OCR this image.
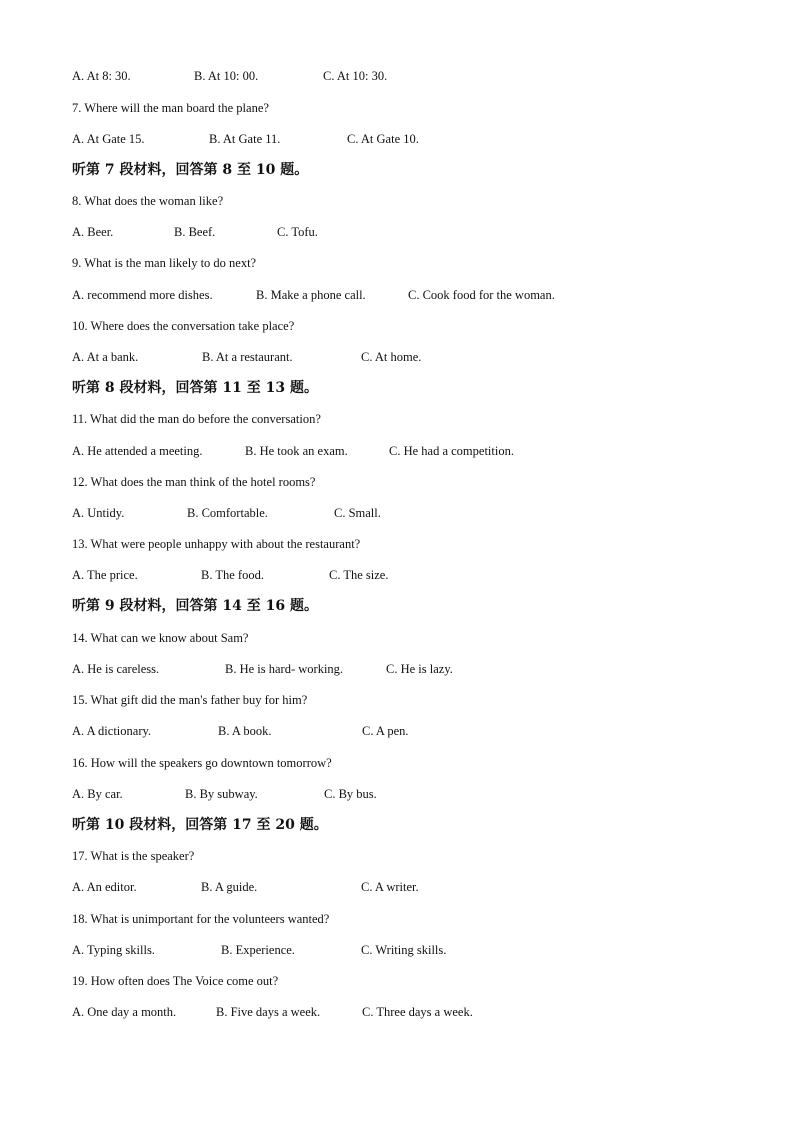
A. At 8: 30.	B. At 10: 00.	C. At 10: 30.
7. Where will the man board the plane?
A. At Gate 15.	B. At Gate 11.	C. At Gate 10.
听第 7 段材料，回答第 8 至 10 题。
8. What does the woman like?
A. Beer.	B. Beef.	C. Tofu.
9. What is the man likely to do next?
A. recommend more dishes.	B. Make a phone call.	C. Cook food for the woman.
10. Where does the conversation take place?
A. At a bank.	B. At a restaurant.	C. At home.
听第 8 段材料，回答第 11 至 13 题。
11. What did the man do before the conversation?
A. He attended a meeting.	B. He took an exam.	C. He had a competition.
12. What does the man think of the hotel rooms?
A. Untidy.	B. Comfortable.	C. Small.
13. What were people unhappy with about the restaurant?
A. The price.	B. The food.	C. The size.
听第 9 段材料，回答第 14 至 16 题。
14. What can we know about Sam?
A. He is careless.	B. He is hard- working.	C. He is lazy.
15. What gift did the man's father buy for him?
A. A dictionary.	B. A book.	C. A pen.
16. How will the speakers go downtown tomorrow?
A. By car.	B. By subway.	C. By bus.
听第 10 段材料，回答第 17 至 20 题。
17. What is the speaker?
A. An editor.	B. A guide.	C. A writer.
18. What is unimportant for the volunteers wanted?
A. Typing skills.	B. Experience.	C. Writing skills.
19. How often does The Voice come out?
A. One day a month.	B. Five days a week.	C. Three days a week.
